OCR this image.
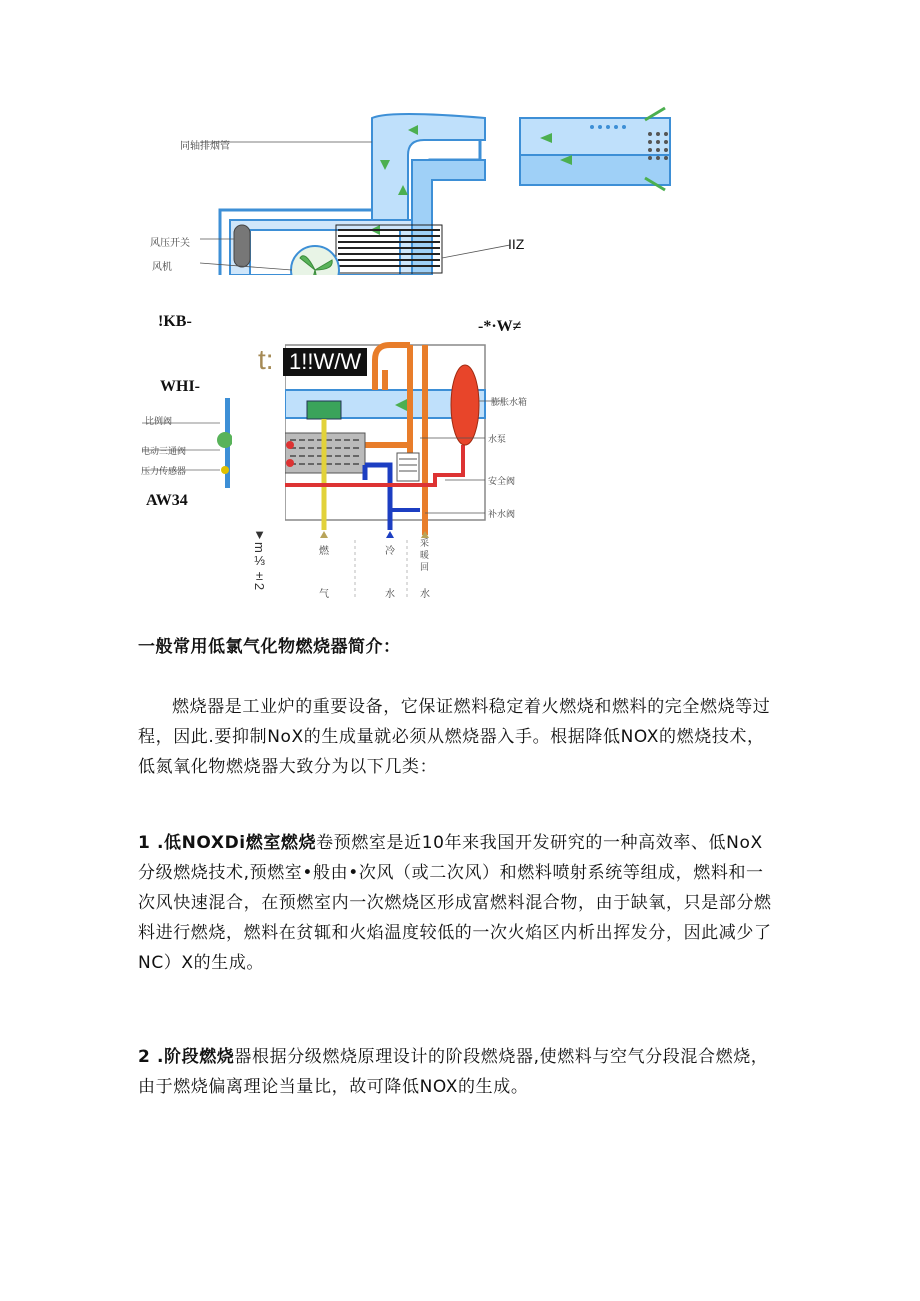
同轴排烟管
风压开关
风机
IIZ
!KB-
WHI-
AW34
-*·W≠
比例阀
电动三通阀
压力传感器
t: 1!!W/W
膨胀水箱
水泵
安全阀
补水阀
燃
气
冷
水
采暖回
水
▼m⅓±2
一般常用低氯气化物燃烧器简介：
燃烧器是工业炉的重要设备，它保证燃料稳定着火燃烧和燃料的完全燃烧等过程，因此.要抑制NoX的生成量就必须从燃烧器入手。根据降低NOX的燃烧技术，低氮氧化物燃烧器大致分为以下几类：
1 .低NOXDi燃室燃烧卷预燃室是近10年来我国开发研究的一种高效率、低NoX分级燃烧技术,预燃室•般由•次风（或二次风）和燃料喷射系统等组成，燃料和一次风快速混合，在预燃室内一次燃烧区形成富燃料混合物，由于缺氧，只是部分燃料进行燃烧，燃料在贫辄和火焰温度较低的一次火焰区内析出挥发分，因此减少了NC）X的生成。
2 .阶段燃烧器根据分级燃烧原理设计的阶段燃烧器,使燃料与空气分段混合燃烧，由于燃烧偏离理论当量比，故可降低NOX的生成。
